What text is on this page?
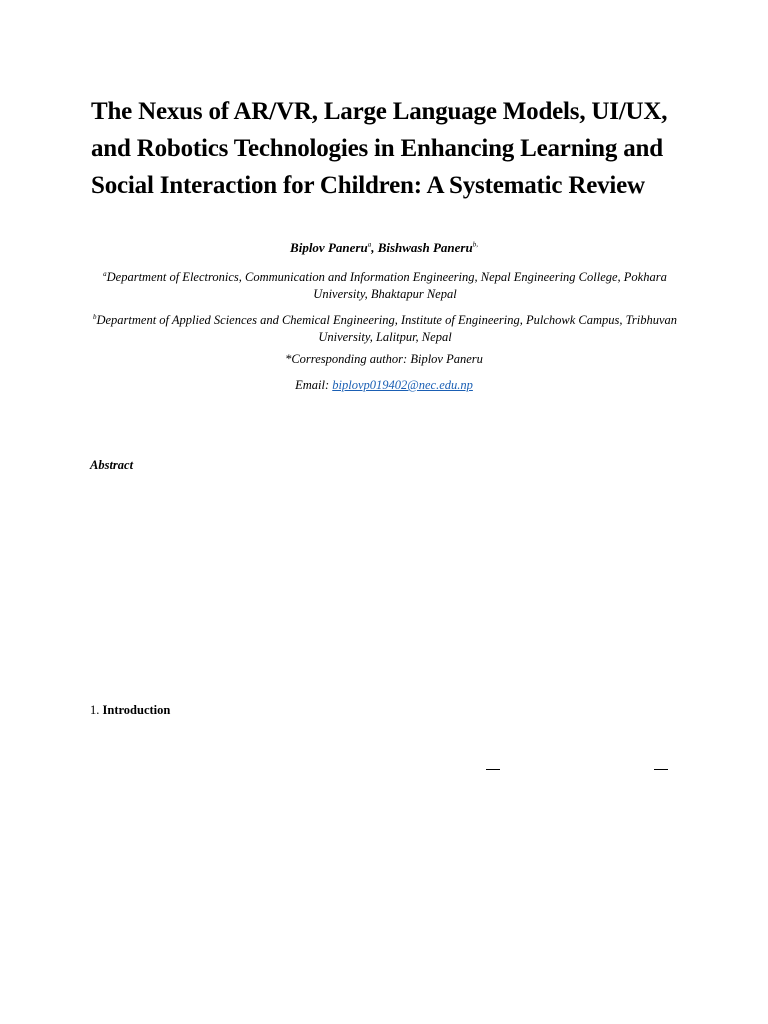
The Nexus of AR/VR, Large Language Models, UI/UX,
and Robotics Technologies in Enhancing Learning and
Social Interaction for Children: A Systematic Review
Biplov Paneru$^a$, Bishwash Paneru$^{b,}$
$^a$Department of Electronics, Communication and Information Engineering, Nepal Engineering College, Pokhara University, Bhaktapur Nepal
$^b$Department of Applied Sciences and Chemical Engineering, Institute of Engineering, Pulchowk Campus, Tribhuvan University, Lalitpur, Nepal
*Corresponding author: Biplov Paneru
Email: biplovp019402@nec.edu.np
Abstract
1. Introduction
